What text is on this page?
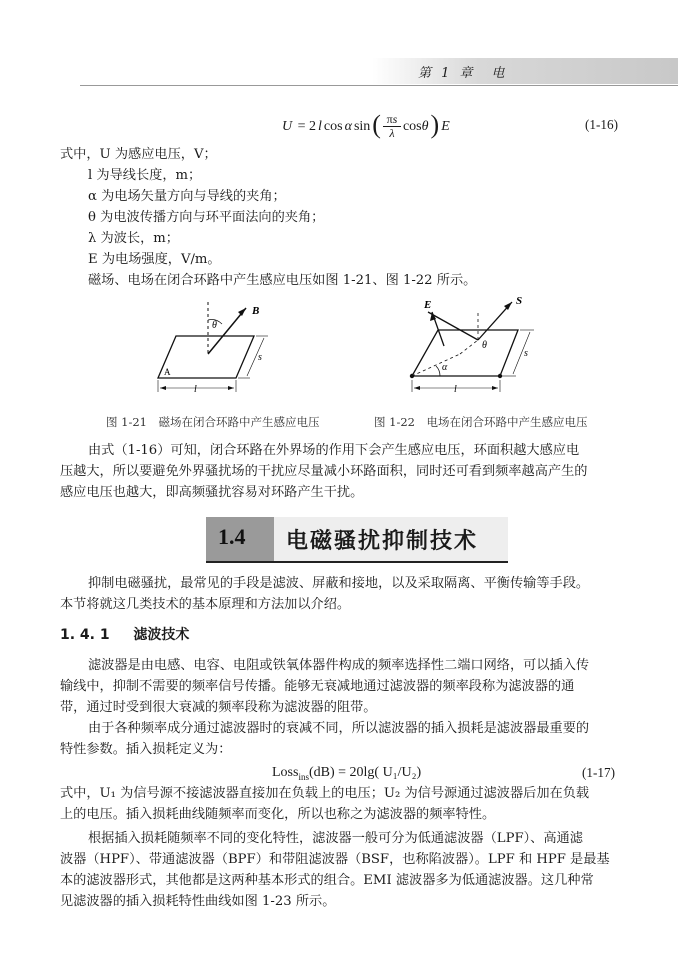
第 1 章　电
U = 2 l cos α sin ( πs
λ cosθ ) E	(1-16)
式中，U 为感应电压，V；
l 为导线长度，m；
α 为电场矢量方向与导线的夹角；
θ 为电波传播方向与环平面法向的夹角；
λ 为波长，m；
E 为电场强度，V/m。
磁场、电场在闭合环路中产生感应电压如图 1-21、图 1-22 所示。
B
θ
A
l
s
E	S
θ
α
l
s
图 1-21　磁场在闭合环路中产生感应电压	图 1-22　电场在闭合环路中产生感应电压
由式（1-16）可知，闭合环路在外界场的作用下会产生感应电压，环面积越大感应电
压越大，所以要避免外界骚扰场的干扰应尽量减小环路面积，同时还可看到频率越高产生的
感应电压也越大，即高频骚扰容易对环路产生干扰。
1.4 电磁骚扰抑制技术
抑制电磁骚扰，最常见的手段是滤波、屏蔽和接地，以及采取隔离、平衡传输等手段。
本节将就这几类技术的基本原理和方法加以介绍。
1. 4. 1 滤波技术
滤波器是由电感、电容、电阻或铁氧体器件构成的频率选择性二端口网络，可以插入传
输线中，抑制不需要的频率信号传播。能够无衰减地通过滤波器的频率段称为滤波器的通
带，通过时受到很大衰减的频率段称为滤波器的阻带。
由于各种频率成分通过滤波器时的衰减不同，所以滤波器的插入损耗是滤波器最重要的
特性参数。插入损耗定义为：
Loss$_{ins}$(dB) = 20lg( U₁/U₂)	(1-17)
式中，U₁ 为信号源不接滤波器直接加在负载上的电压；U₂ 为信号源通过滤波器后加在负载
上的电压。插入损耗曲线随频率而变化，所以也称之为滤波器的频率特性。
根据插入损耗随频率不同的变化特性，滤波器一般可分为低通滤波器（LPF）、高通滤
波器（HPF）、带通滤波器（BPF）和带阻滤波器（BSF，也称陷波器）。LPF 和 HPF 是最基
本的滤波器形式，其他都是这两种基本形式的组合。EMI 滤波器多为低通滤波器。这几种常
见滤波器的插入损耗特性曲线如图 1-23 所示。
